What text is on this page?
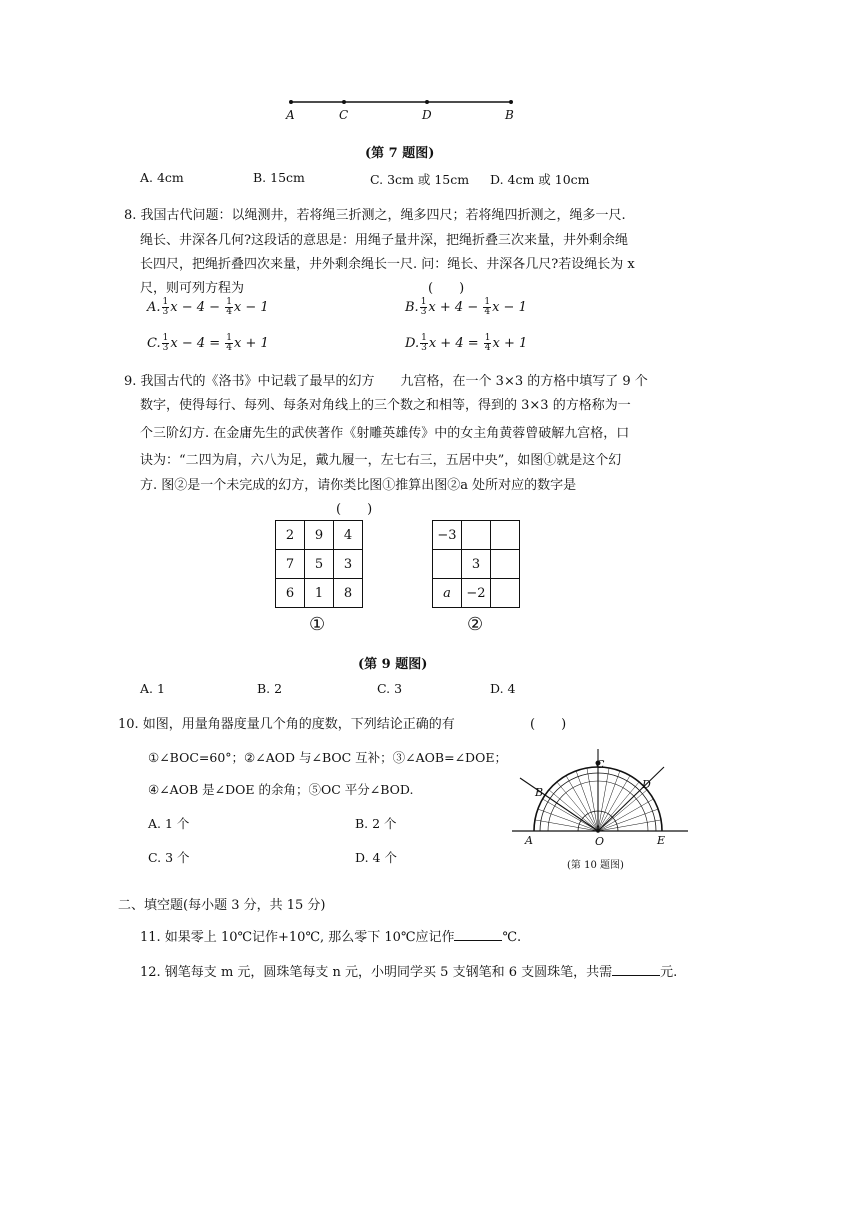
A	C	D	B
(第 7 题图)
A. 4cm	B. 15cm	C. 3cm 或 15cm D. 4cm 或 10cm
8. 我国古代问题：以绳测井，若将绳三折测之，绳多四尺；若将绳四折测之，绳多一尺.
绳长、井深各几何?这段话的意思是：用绳子量井深，把绳折叠三次来量，井外剩余绳
长四尺，把绳折叠四次来量，井外剩余绳长一尺. 问：绳长、井深各几尺?若设绳长为 x
尺，则可列方程为	(　　)
A. $\frac{1}{3}$ $x - 4 - \frac{1}{4}$ x − 1	B. $\frac{1}{3}$ $x + 4 - \frac{1}{4}$ x − 1
C. $\frac{1}{3}$ $x - 4 = \frac{1}{4}$ x + 1	D. $\frac{1}{3}$ $x + 4 = \frac{1}{4}$ x + 1
9. 我国古代的《洛书》中记载了最早的幻方　　九宫格，在一个 3×3 的方格中填写了 9 个
数字，使得每行、每列、每条对角线上的三个数之和相等，得到的 3×3 的方格称为一
个三阶幻方. 在金庸先生的武侠著作《射雕英雄传》中的女主角黄蓉曾破解九宫格，口
诀为：“二四为肩，六八为足，戴九履一，左七右三，五居中央”，如图①就是这个幻
方. 图②是一个未完成的幻方，请你类比图①推算出图②a 处所对应的数字是
(　　)
2	9	4
7	5	3
6	1	8
−3		
	3	
a	−2	
①	②
(第 9 题图)
A. 1	B. 2	C. 3	D. 4
10. 如图，用量角器度量几个角的度数，下列结论正确的有	(　　)
①∠BOC=60°；②∠AOD 与∠BOC 互补；③∠AOB=∠DOE；
④∠AOB 是∠DOE 的余角；⑤OC 平分∠BOD.
A. 1 个	B. 2 个
C. 3 个	D. 4 个
A
B
C
D
O	E
(第 10 题图)
二、填空题(每小题 3 分，共 15 分)
11. 如果零上 10℃记作+10℃, 那么零下 10℃应记作	℃.
12. 钢笔每支 m 元，圆珠笔每支 n 元，小明同学买 5 支钢笔和 6 支圆珠笔，共需	元.
